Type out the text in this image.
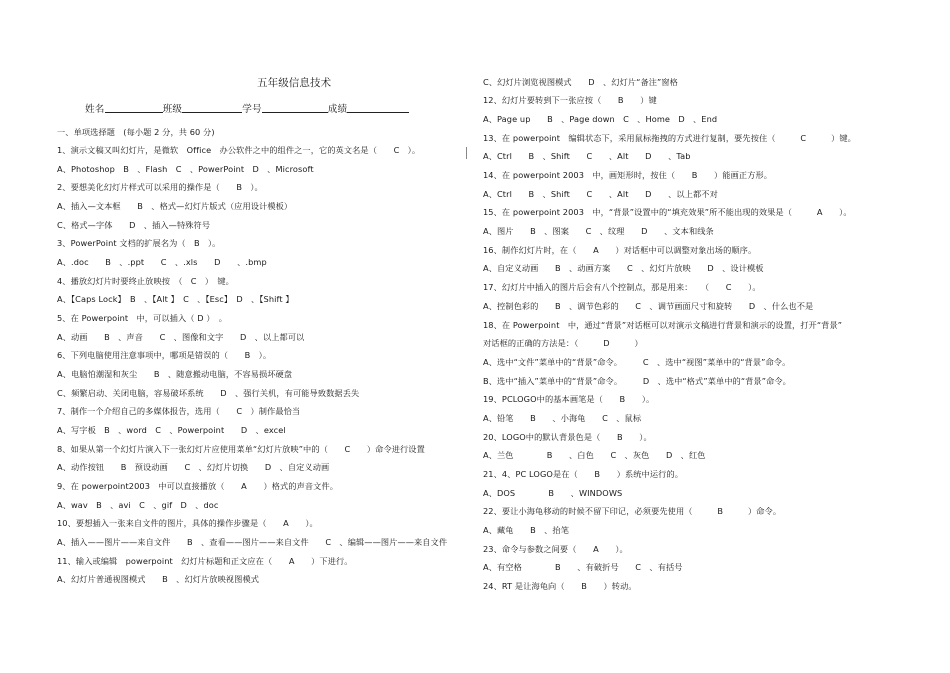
五年级信息技术
姓名	班级	学号	成绩
一、单项选择题　(每小题 2 分，共 60 分)
1、演示文稿又叫幻灯片，是微软　Office　办公软件之中的组件之一，它的英文名是（　　C　）。
A、Photoshop　B　、Flash　C　、PowerPoint　D　、Microsoft
2、要想美化幻灯片样式可以采用的操作是（　　B　）。
A、插入—文本框　　B　、格式—幻灯片版式（应用设计模板）
C、格式—字体　　D　、插入—特殊符号
3、PowerPoint 文档的扩展名为（　B　）。
A、.doc　　B　、.ppt　　C　、.xls　　D　　、.bmp
4、播放幻灯片时要终止放映按　（　C　）　键。
A、【Caps Lock】　B　、【Alt 】　C　、【Esc】　D　、【Shift 】
5、在 Powerpoint　中，可以插入（ D ）　。
A、动画　　B　、声音　　C　、图像和文字　　D　、以上都可以
6、下列电脑使用注意事项中，哪项是错误的（　　B　）。
A、电脑怕潮湿和灰尘　　B　、随意搬动电脑，不容易损坏硬盘
C、频繁启动、关闭电脑，容易破坏系统　　D　、强行关机，有可能导致数据丢失
7、制作一个介绍自己的多媒体报告，选用（　　C　）制作最恰当
A、写字板　B　、word　C　、Powerpoint　　D　、excel
8、如果从第一个幻灯片演入下一张幻灯片应使用菜单“幻灯片放映”中的（　　C　　）命令进行设置
A、动作按钮　　B　预设动画　　C　、幻灯片切换　　D　、自定义动画
9、在 powerpoint2003　中可以直接播放（　　A　　）格式的声音文件。
A、wav　B　、avi　C　、gif　D　、doc
10、要想插入一张来自文件的图片，具体的操作步骤是（　　A　　）。
A、插入——图片——来自文件　　B　、查看——图片——来自文件　　C　、编辑——图片——来自文件
11、输入或编辑　powerpoint　幻灯片标题和正文应在（　　A　　）下进行。
A、幻灯片普通视图模式　　B　、幻灯片放映视图模式
C、幻灯片浏览视图模式　　D　、幻灯片“备注”窗格
12、幻灯片要转到下一张应按（　　B　　）键
A、Page up　　B　、Page down　C　、Home　D　、End
13、在 powerpoint　编辑状态下，采用鼠标拖拽的方式进行复制，要先按住（　　　C　　　）键。
A、Ctrl　　B　、Shift　　C　　、Alt　　D　　、Tab
14、在 powerpoint 2003　中，画矩形时，按住（　　B　　）能画正方形。
A、Ctrl　　B　、Shift　　C　　、Alt　　D　　、以上都不对
15、在 powerpoint 2003　中，“背景”设置中的“填充效果”所不能出现的效果是（　　　A　　）。
A、图片　　B　、图案　　C　、纹理　　D　　、文本和线条
16、制作幻灯片时，在（　　A　　）对话框中可以调整对象出场的顺序。
A、自定义动画　　B　、动画方案　　C　、幻灯片放映　　D　、设计模板
17、幻灯片中插入的图片后会有八个控制点，那是用来：　　（　　C　　）。
A、控制色彩的　　B　、调节色彩的　　C　、调节画面尺寸和旋转　　D　、什么也不是
18、在 Powerpoint　中，通过“背景”对话框可以对演示文稿进行背景和演示的设置，打开“背景”
对话框的正确的方法是：（　　　D　　　）
A、选中“文件”菜单中的“背景”命令。　　　C　、选中“视图”菜单中的“背景”命令。
B、选中“插入”菜单中的“背景”命令。　　　D　、选中“格式”菜单中的“背景”命令。
19、PCLOGO中的基本画笔是（　　B　　）。
A、铅笔　　B　　、小海龟　　C　、鼠标
20、LOGO中的默认背景色是（　　B　　）。
A、兰色　　　　B　　、白色　　C　、灰色　　D　、红色
21、4、PC LOGO是在（　　B　　）系统中运行的。
A、DOS　　　　B　　、WINDOWS
22、要让小海龟移动的时候不留下印记，必须要先使用（　　　B　　　）命令。
A、藏龟　　B　、抬笔
23、命令与参数之间要（　　A　　）。
A、有空格　　　　B　　、有破折号　　C　、有括号
24、RT 是让海龟向（　　B　　）转动。
